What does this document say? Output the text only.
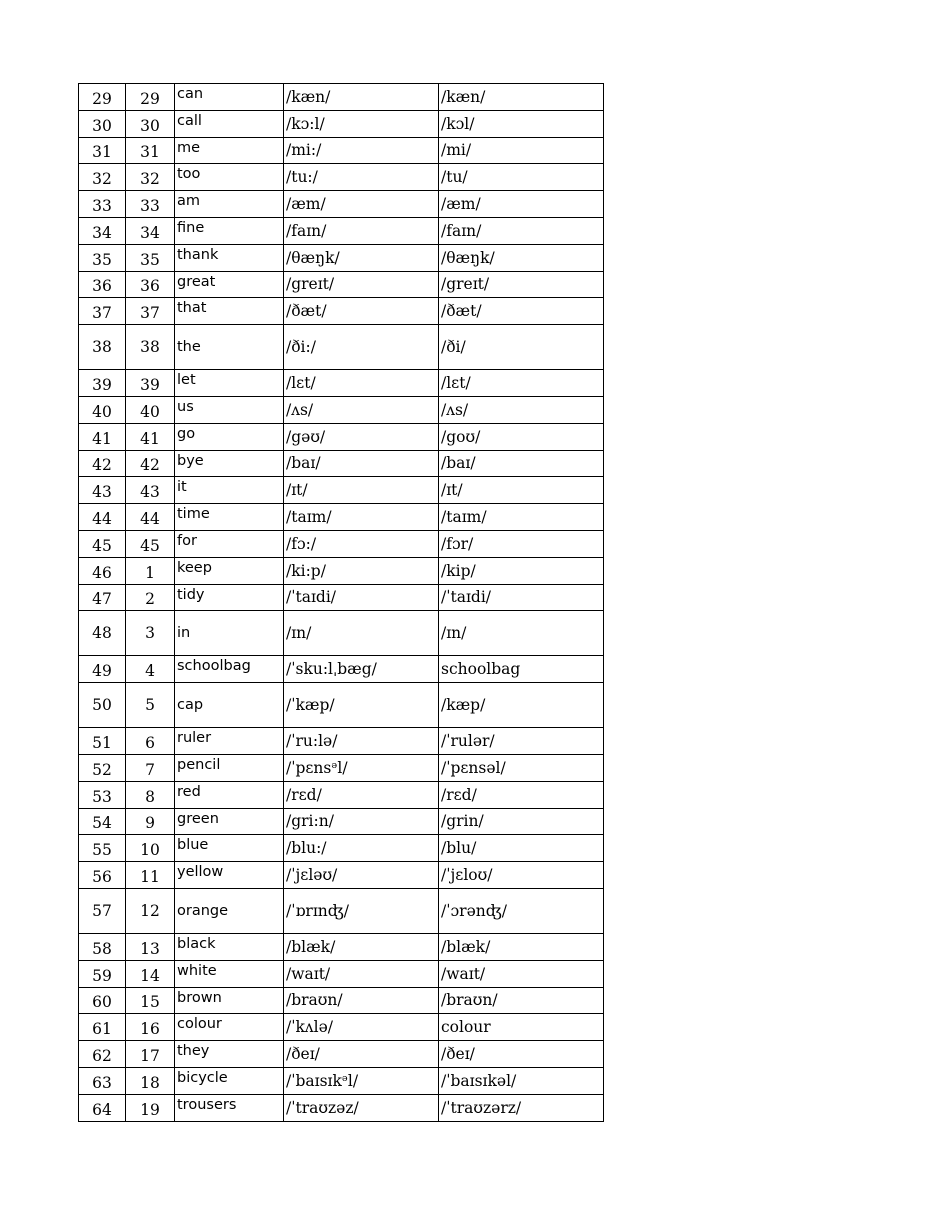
29	29	can	/kæn/	/kæn/
30	30	call	/kɔ:l/	/kɔl/
31	31	me	/mi:/	/mi/
32	32	too	/tu:/	/tu/
33	33	am	/æm/	/æm/
34	34	fine	/faɪn/	/faɪn/
35	35	thank	/θæŋk/	/θæŋk/
36	36	great	/greɪt/	/greɪt/
37	37	that	/ðæt/	/ðæt/
38	38	the	/ði:/	/ði/
39	39	let	/lɛt/	/lɛt/
40	40	us	/ʌs/	/ʌs/
41	41	go	/gəʊ/	/goʊ/
42	42	bye	/baɪ/	/baɪ/
43	43	it	/ɪt/	/ɪt/
44	44	time	/taɪm/	/taɪm/
45	45	for	/fɔ:/	/fɔr/
46	1	keep	/ki:p/	/kip/
47	2	tidy	/ˈtaɪdi/	/ˈtaɪdi/
48	3	in	/ɪn/	/ɪn/
49	4	schoolbag	/ˈsku:lˌbæg/	schoolbag
50	5	cap	/ˈkæp/	/kæp/
51	6	ruler	/ˈru:lə/	/ˈrulər/
52	7	pencil	/ˈpɛnsᵊl/	/ˈpɛnsəl/
53	8	red	/rɛd/	/rɛd/
54	9	green	/gri:n/	/grin/
55	10	blue	/blu:/	/blu/
56	11	yellow	/ˈjɛləʊ/	/ˈjɛloʊ/
57	12	orange	/ˈɒrɪnʤ/	/ˈɔrənʤ/
58	13	black	/blæk/	/blæk/
59	14	white	/waɪt/	/waɪt/
60	15	brown	/braʊn/	/braʊn/
61	16	colour	/ˈkʌlə/	colour
62	17	they	/ðeɪ/	/ðeɪ/
63	18	bicycle	/ˈbaɪsɪkᵊl/	/ˈbaɪsɪkəl/
64	19	trousers	/ˈtraʊzəz/	/ˈtraʊzərz/
